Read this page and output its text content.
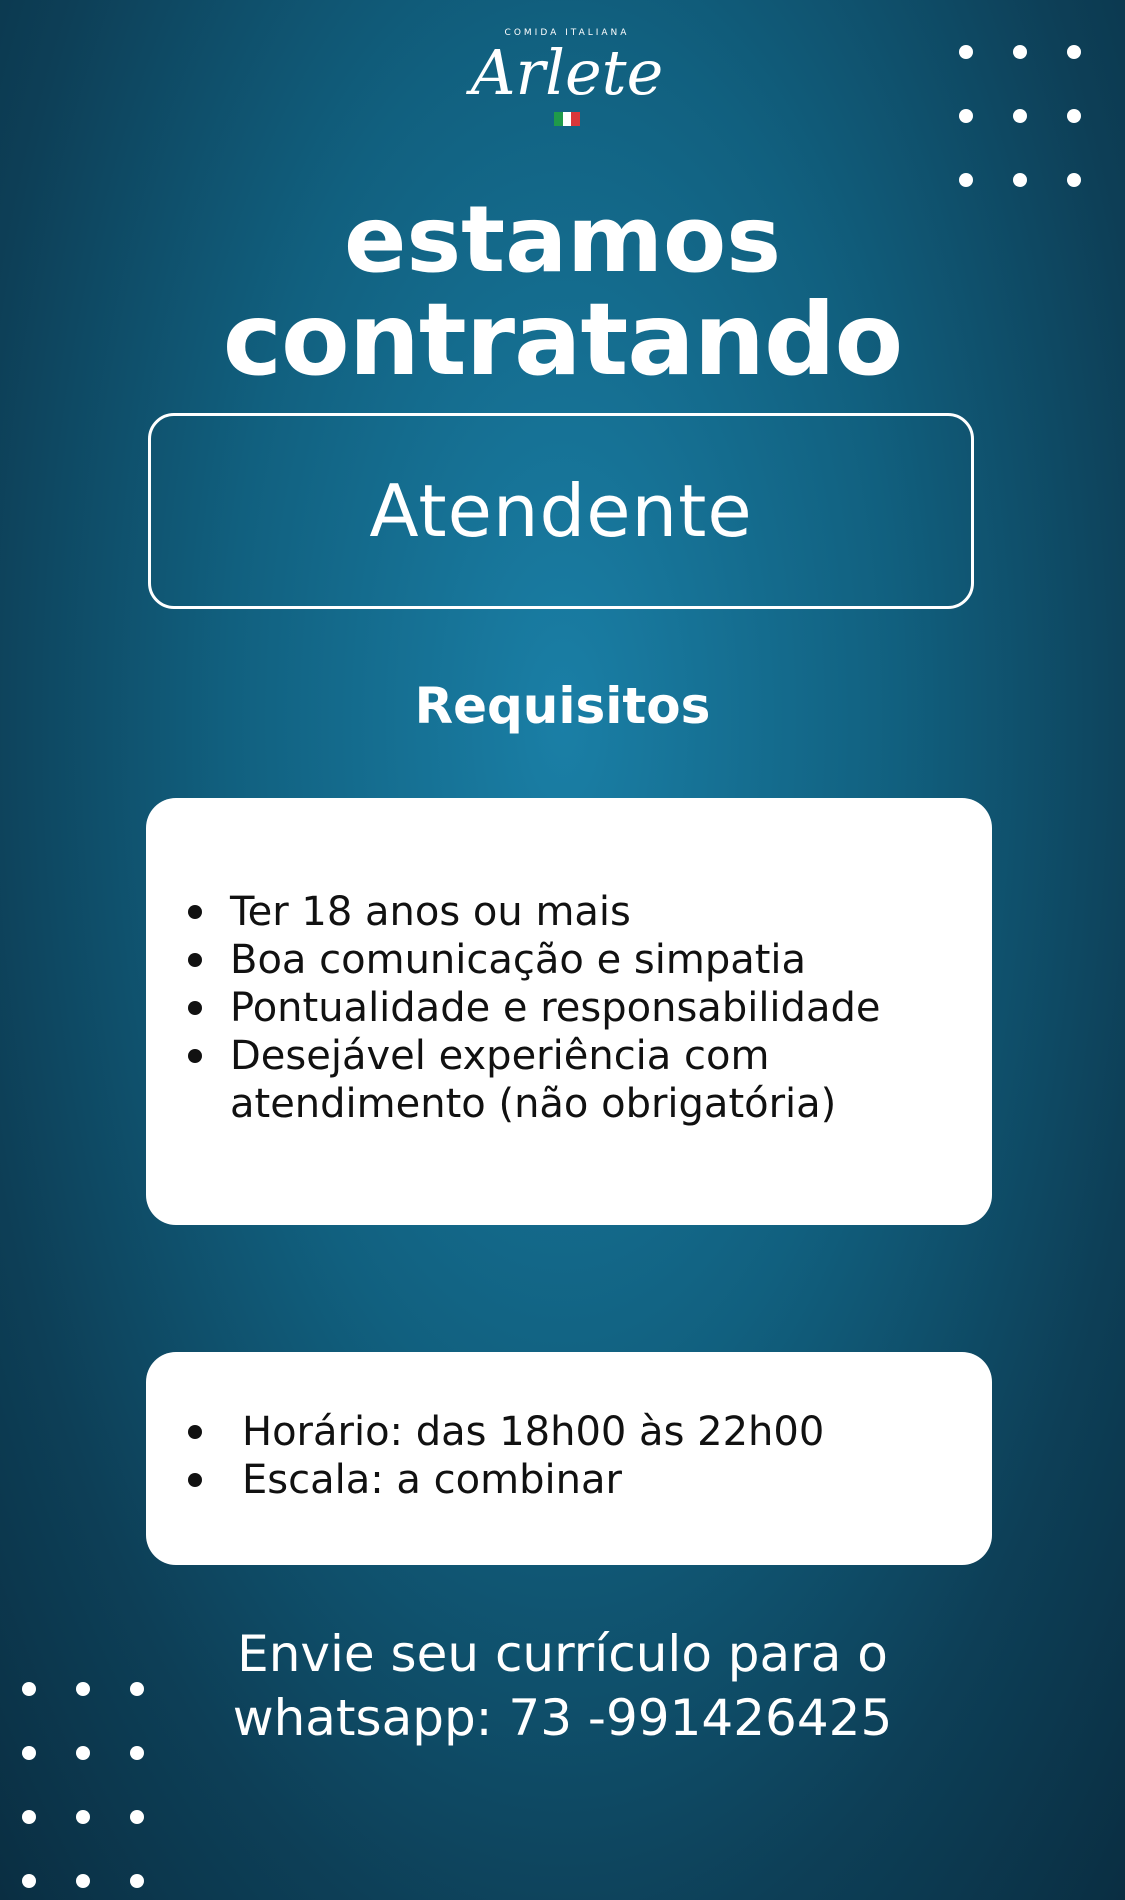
COMIDA ITALIANA
Arlete
estamos
contratando
Atendente
Requisitos
Ter 18 anos ou mais
Boa comunicação e simpatia
Pontualidade e responsabilidade
Desejável experiência com atendimento (não obrigatória)
Horário: das 18h00 às 22h00
Escala: a combinar
Envie seu currículo para o
whatsapp: 73 -991426425
